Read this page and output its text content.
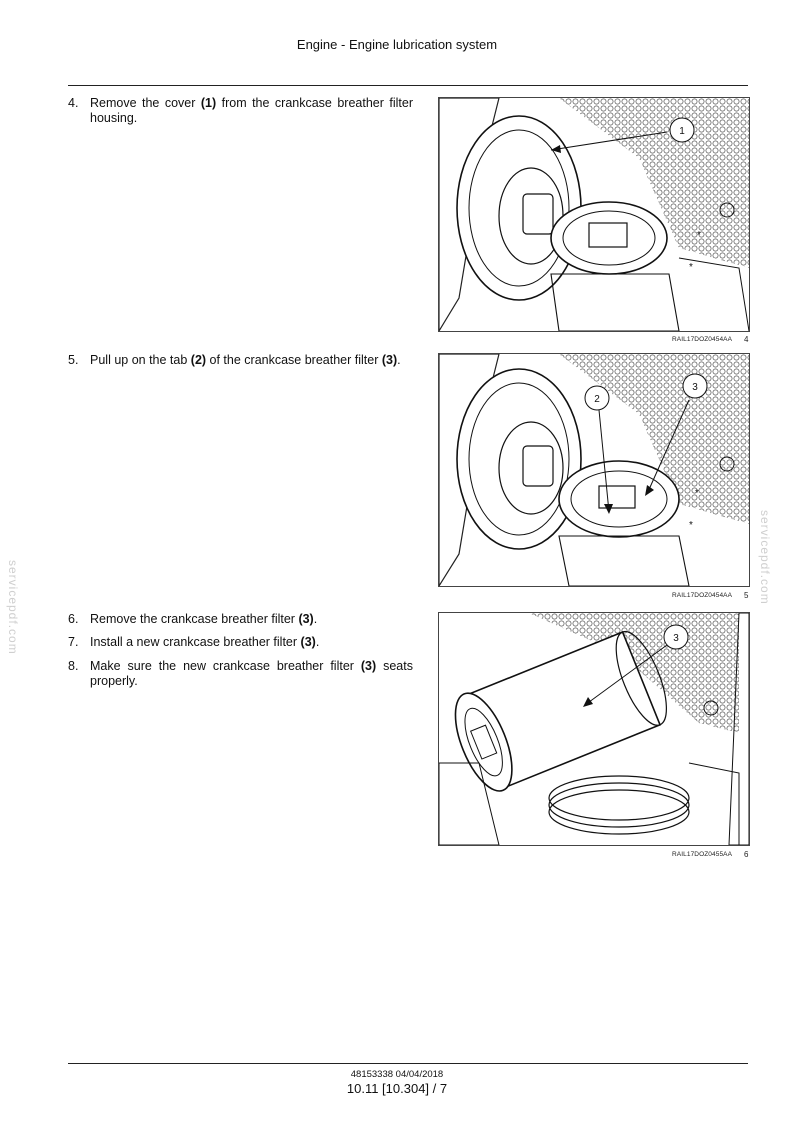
Engine - Engine lubrication system
4. Remove the cover (1) from the crankcase breather filter housing.
5. Pull up on the tab (2) of the crankcase breather filter (3).
6. Remove the crankcase breather filter (3).
7. Install a new crankcase breather filter (3).
8. Make sure the new crankcase breather filter (3) seats properly.
*
*
1
RAIL17DOZ0454AA 4
*
*
2
3
RAIL17DOZ0454AA 5
3
RAIL17DOZ0455AA 6
servicepdf.com
servicepdf.com
48153338 04/04/2018
10.11 [10.304] / 7
